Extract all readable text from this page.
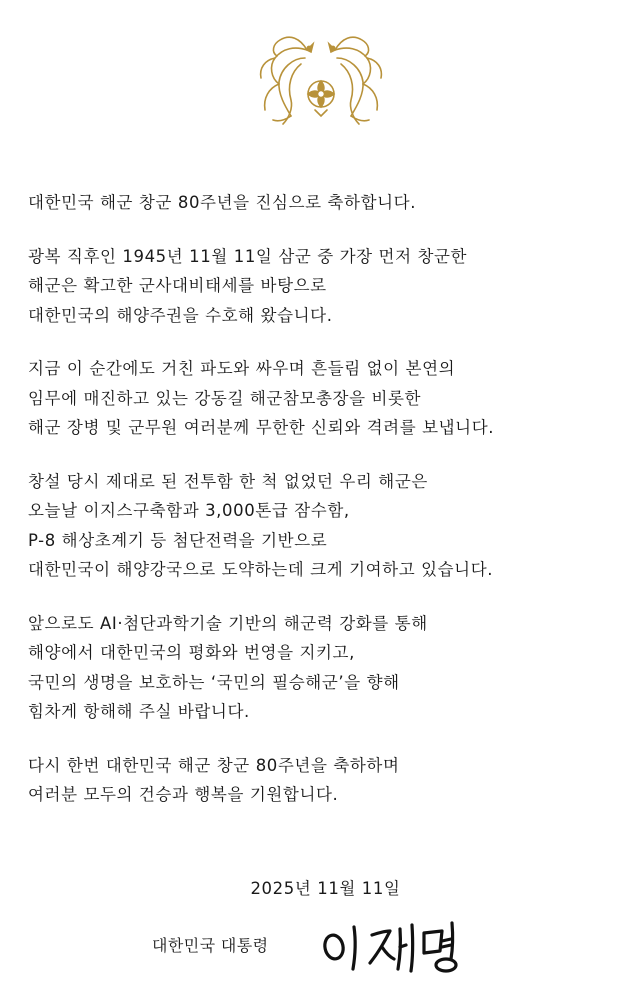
대한민국 해군 창군 80주년을 진심으로 축하합니다.
광복 직후인 1945년 11월 11일 삼군 중 가장 먼저 창군한
해군은 확고한 군사대비태세를 바탕으로
대한민국의 해양주권을 수호해 왔습니다.
지금 이 순간에도 거친 파도와 싸우며 흔들림 없이 본연의
임무에 매진하고 있는 강동길 해군참모총장을 비롯한
해군 장병 및 군무원 여러분께 무한한 신뢰와 격려를 보냅니다.
창설 당시 제대로 된 전투함 한 척 없었던 우리 해군은
오늘날 이지스구축함과 3,000톤급 잠수함,
P-8 해상초계기 등 첨단전력을 기반으로
대한민국이 해양강국으로 도약하는데 크게 기여하고 있습니다.
앞으로도 AI·첨단과학기술 기반의 해군력 강화를 통해
해양에서 대한민국의 평화와 번영을 지키고,
국민의 생명을 보호하는 ‘국민의 필승해군’을 향해
힘차게 항해해 주실 바랍니다.
다시 한번 대한민국 해군 창군 80주년을 축하하며
여러분 모두의 건승과 행복을 기원합니다.
2025년 11월 11일
대한민국 대통령
